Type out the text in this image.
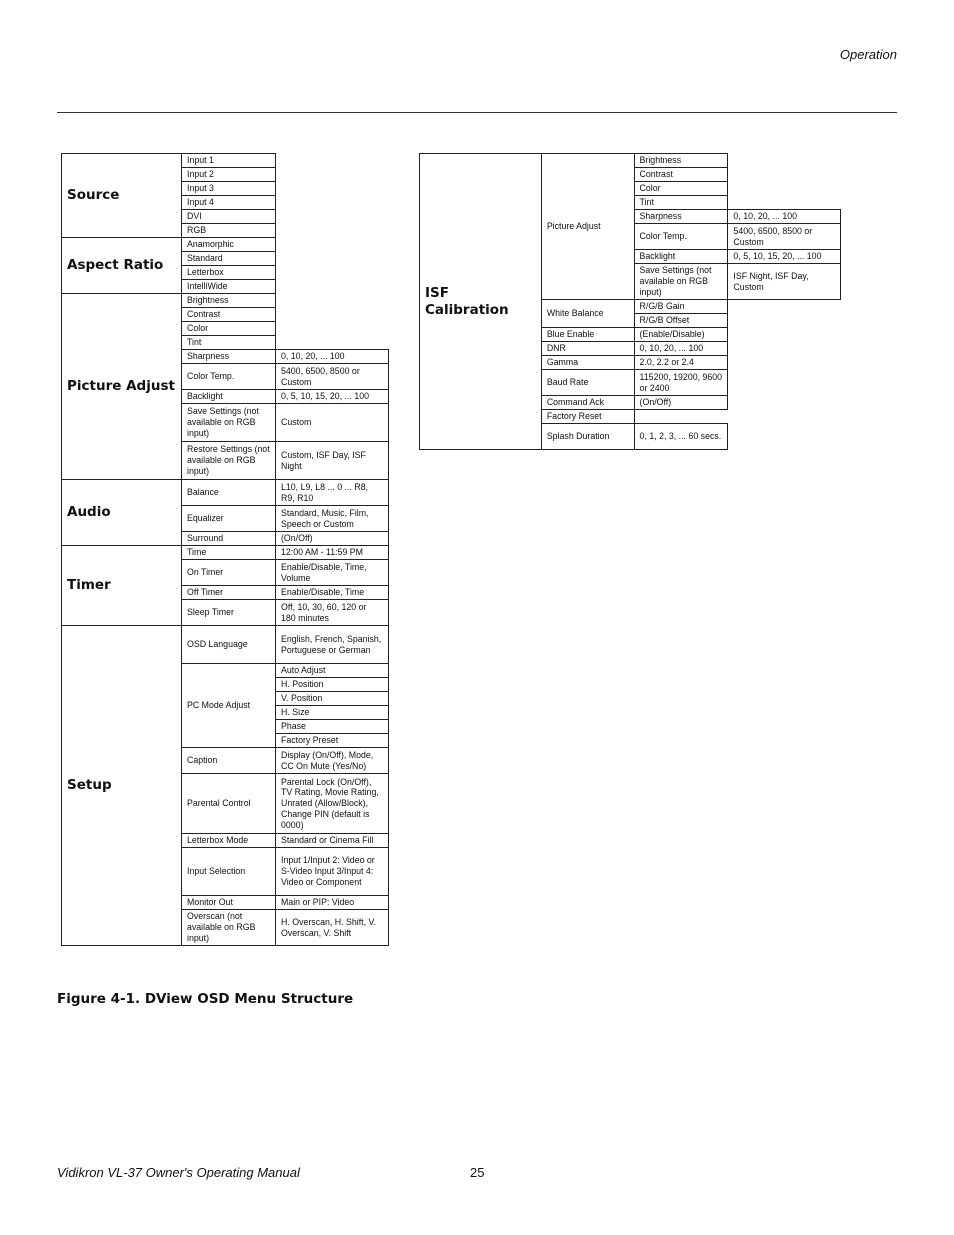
Operation
Source	Input 1	
	Input 2	
	Input 3	
	Input 4	
	DVI	
	RGB	
Aspect Ratio	Anamorphic	
	Standard	
	Letterbox	
	IntelliWide	
Picture Adjust	Brightness	
	Contrast	
	Color	
	Tint	
	Sharpness	0, 10, 20, ... 100
	Color Temp.	5400, 6500, 8500 or Custom
	Backlight	0, 5, 10, 15, 20, ... 100
	Save Settings (not available on RGB input)	Custom
	Restore Settings (not available on RGB input)	Custom, ISF Day, ISF Night
Audio	Balance	L10, L9, L8 ... 0 ... R8, R9, R10
	Equalizer	Standard, Music, Film, Speech or Custom
	Surround	(On/Off)
Timer	Time	12:00 AM - 11:59 PM
	On Timer	Enable/Disable, Time, Volume
	Off Timer	Enable/Disable, Time
	Sleep Timer	Off, 10, 30, 60, 120 or 180 minutes
Setup	OSD Language	English, French, Spanish, Portuguese or German
	PC Mode Adjust	Auto Adjust
		H. Position
		V. Position
		H. Size
		Phase
		Factory Preset
	Caption	Display (On/Off), Mode, CC On Mute (Yes/No)
	Parental Control	Parental Lock (On/Off), TV Rating, Movie Rating, Unrated (Allow/Block), Change PIN (default is 0000)
	Letterbox Mode	Standard or Cinema Fill
	Input Selection	Input 1/Input 2: Video or S-Video Input 3/Input 4: Video or Component
	Monitor Out	Main or PIP: Video
	Overscan (not available on RGB input)	H. Overscan, H. Shift, V. Overscan, V. Shift
ISF Calibration	Picture Adjust	Brightness	
		Contrast	
		Color	
		Tint	
		Sharpness	0, 10, 20, ... 100
		Color Temp.	5400, 6500, 8500 or Custom
		Backlight	0, 5, 10, 15, 20, ... 100
		Save Settings (not available on RGB input)	ISF Night, ISF Day, Custom
	White Balance	R/G/B Gain	
		R/G/B Offset	
	Blue Enable	(Enable/Disable)	
	DNR	0, 10, 20, ... 100	
	Gamma	2.0, 2.2 or 2.4	
	Baud Rate	115200, 19200, 9600 or 2400	
	Command Ack	(On/Off)	
	Factory Reset		
	Splash Duration	0, 1, 2, 3, ... 60 secs.	
Figure 4-1. DView OSD Menu Structure
Vidikron VL-37 Owner's Operating Manual	25
